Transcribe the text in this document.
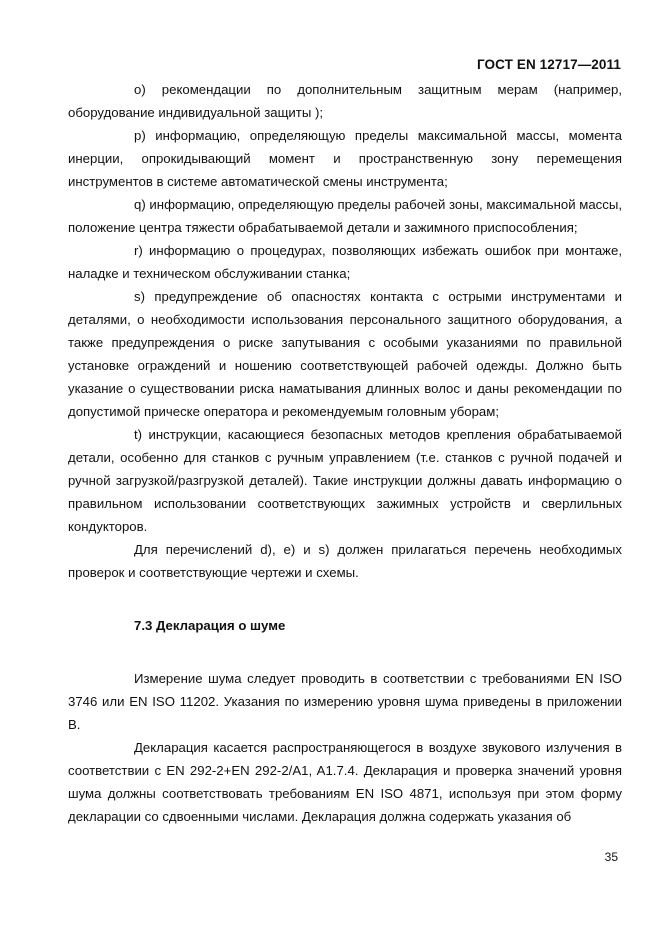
ГОСТ EN 12717—2011

o) рекомендации по дополнительным защитным мерам (например, оборудование индивидуальной защиты );

p) информацию, определяющую пределы максимальной массы, момента инерции, опрокидывающий момент и пространственную зону перемещения инструментов в системе автоматической смены инструмента;

q) информацию, определяющую пределы рабочей зоны, максимальной массы, положение центра тяжести обрабатываемой детали и зажимного приспособления;

r) информацию о процедурах, позволяющих избежать ошибок при монтаже, наладке и техническом обслуживании станка;

s) предупреждение об опасностях контакта с острыми инструментами и деталями, о необходимости использования персонального защитного оборудования, а также предупреждения о риске запутывания с особыми указаниями по правильной установке ограждений и ношению соответствующей рабочей одежды. Должно быть указание о существовании риска наматывания длинных волос и даны рекомендации по допустимой прическе оператора и рекомендуемым головным уборам;

t) инструкции, касающиеся безопасных методов крепления обрабатываемой детали, особенно для станков с ручным управлением (т.е. станков с ручной подачей и ручной загрузкой/разгрузкой деталей). Такие инструкции должны давать информацию о правильном использовании соответствующих зажимных устройств и сверлильных кондукторов.

Для перечислений d), e) и s) должен прилагаться перечень необходимых проверок и соответствующие чертежи и схемы.

7.3 Декларация о шуме

Измерение шума следует проводить в соответствии с требованиями EN ISO 3746 или EN ISO 11202. Указания по измерению уровня шума приведены в приложении В.

Декларация касается распространяющегося в воздухе звукового излучения в соответствии с EN 292-2+EN 292-2/A1, A1.7.4. Декларация и проверка значений уровня шума должны соответствовать требованиям EN ISO 4871, используя при этом форму декларации со сдвоенными числами. Декларация должна содержать указания об

35
